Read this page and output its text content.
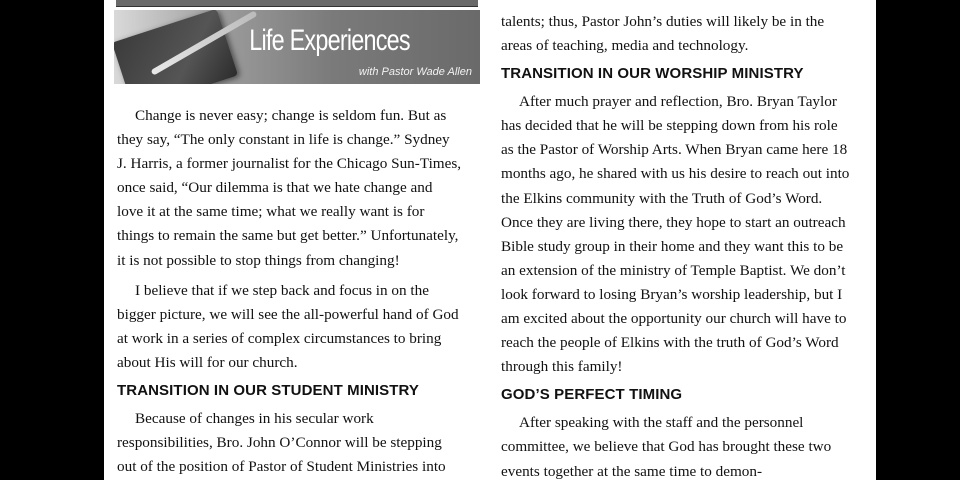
Life Experiences
with Pastor Wade Allen

Change is never easy; change is seldom fun. But as they say, “The only constant in life is change.” Sydney J. Harris, a former journalist for the Chicago Sun-Times, once said, “Our dilemma is that we hate change and love it at the same time; what we really want is for things to remain the same but get better.” Unfortunately, it is not possible to stop things from changing!

I believe that if we step back and focus in on the bigger picture, we will see the all-powerful hand of God at work in a series of complex circumstances to bring about His will for our church.

TRANSITION IN OUR STUDENT MINISTRY

Because of changes in his secular work responsibilities, Bro. John O’Connor will be stepping out of the position of Pastor of Student Ministries into

talents; thus, Pastor John’s duties will likely be in the areas of teaching, media and technology.

TRANSITION IN OUR WORSHIP MINISTRY

After much prayer and reflection, Bro. Bryan Taylor has decided that he will be stepping down from his role as the Pastor of Worship Arts. When Bryan came here 18 months ago, he shared with us his desire to reach out into the Elkins community with the Truth of God’s Word. Once they are living there, they hope to start an outreach Bible study group in their home and they want this to be an extension of the ministry of Temple Baptist. We don’t look forward to losing Bryan’s worship leadership, but I am excited about the opportunity our church will have to reach the people of Elkins with the truth of God’s Word through this family!

GOD’S PERFECT TIMING

After speaking with the staff and the personnel committee, we believe that God has brought these two events together at the same time to demon-
